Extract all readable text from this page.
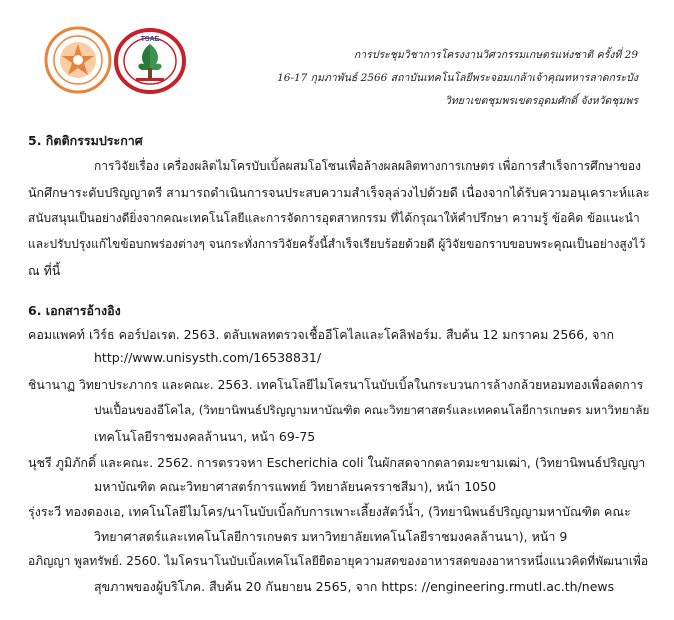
TSAE
การประชุมวิชาการโครงงานวิศวกรรมเกษตรแห่งชาติ ครั้งที่ 29
16-17 กุมภาพันธ์ 2566 สถาบันเทคโนโลยีพระจอมเกล้าเจ้าคุณทหารลาดกระบัง
วิทยาเขตชุมพรเขตรอุดมศักดิ์ จังหวัดชุมพร
5. กิตติกรรมประกาศ
การวิจัยเรื่อง เครื่องผลิตไมโครบับเบิ้ลผสมโอโซนเพื่อล้างผลผลิตทางการเกษตร เพื่อการสำเร็จการศึกษาของ
นักศึกษาระดับปริญญาตรี สามารถดำเนินการจนประสบความสำเร็จลุล่วงไปด้วยดี เนื่องจากได้รับความอนุเคราะห์และ
สนับสนุนเป็นอย่างดียิ่งจากคณะเทคโนโลยีและการจัดการอุตสาหกรรม ที่ได้กรุณาให้คำปรึกษา ความรู้ ข้อคิด ข้อแนะนำ
และปรับปรุงแก้ไขข้อบกพร่องต่างๆ จนกระทั่งการวิจัยครั้งนี้สำเร็จเรียบร้อยด้วยดี ผู้วิจัยขอกราบขอบพระคุณเป็นอย่างสูงไว้
ณ ที่นี้
6. เอกสารอ้างอิง
คอมแพคท์ เวิร์ธ คอร์ปอเรต. 2563. ตลับเพลทตรวจเชื้ออีโคไลและโคลิฟอร์ม. สืบค้น 12 มกราคม 2566, จาก
http://www.unisysth.com/16538831/
ชินานาฏ วิทยาประภากร และคณะ. 2563. เทคโนโลยีไมโครนาโนบับเบิ้ลในกระบวนการล้างกล้วยหอมทองเพื่อลดการ
ปนเปื้อนของอีโคไล, (วิทยานิพนธ์ปริญญามหาบัณฑิต คณะวิทยาศาสตร์และเทคดนโลยีการเกษตร มหาวิทยาลัย
เทคโนโลยีราชมงคลล้านนา, หน้า 69-75
นุชรี ภูมิภักดิ์ และคณะ. 2562. การตรวจหา Escherichia coli ในผักสดจากตลาดมะขามเฒ่า, (วิทยานิพนธ์ปริญญา
มหาบัณฑิต คณะวิทยาศาสตร์การแพทย์ วิทยาลัยนครราชสีมา), หน้า 1050
รุ่งระวี ทองดองเอ, เทคโนโลยีไมโคร/นาโนบับเบิ้ลกับการเพาะเลี้ยงสัตว์น้ำ, (วิทยานิพนธ์ปริญญามหาบัณฑิต คณะ
วิทยาศาสตร์และเทคโนโลยีการเกษตร มหาวิทยาลัยเทคโนโลยีราชมงคลล้านนา), หน้า 9
อภิญญา พูลทรัพย์. 2560. ไมโครนาโนบับเบิ้ลเทคโนโลยียืดอายุความสดของอาหารสดของอาหารหนึ่งแนวคิดที่พัฒนาเพื่อ
สุขภาพของผู้บริโภค. สืบค้น 20 กันยายน 2565, จาก https: //engineering.rmutl.ac.th/news
